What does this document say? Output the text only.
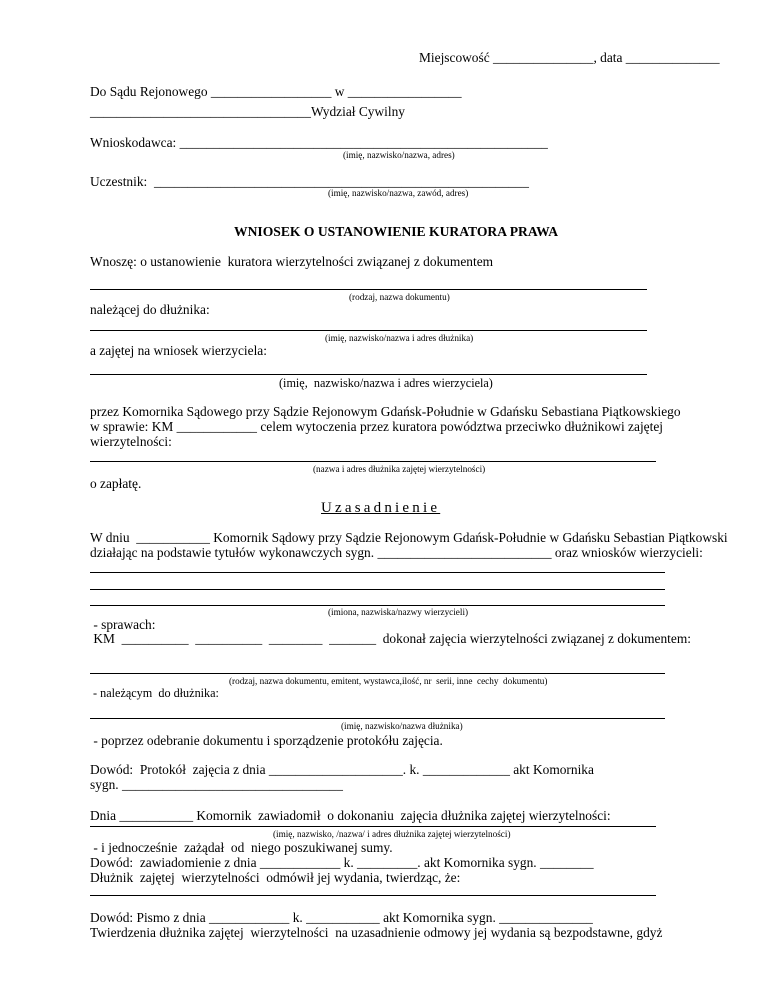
Miejscowość _______________, data ______________
Do Sądu Rejonowego __________________ w _________________
_________________________________Wydział Cywilny
Wnioskodawca: _______________________________________________________
(imię, nazwisko/nazwa, adres)
Uczestnik:  ________________________________________________________
(imię, nazwisko/nazwa, zawód, adres)
WNIOSEK O USTANOWIENIE KURATORA PRAWA
Wnoszę: o ustanowienie  kuratora wierzytelności związanej z dokumentem
(rodzaj, nazwa dokumentu)
należącej do dłużnika:
(imię, nazwisko/nazwa i adres dłużnika)
a zajętej na wniosek wierzyciela:
(imię,  nazwisko/nazwa i adres wierzyciela)
przez Komornika Sądowego przy Sądzie Rejonowym Gdańsk-Południe w Gdańsku Sebastiana Piątkowskiego
w sprawie: KM ____________ celem wytoczenia przez kuratora powództwa przeciwko dłużnikowi zajętej
wierzytelności:
(nazwa i adres dłużnika zajętej wierzytelności)
o zapłatę.
Uzasadnienie
W dniu  ___________ Komornik Sądowy przy Sądzie Rejonowym Gdańsk-Południe w Gdańsku Sebastian Piątkowski
działając na podstawie tytułów wykonawczych sygn. __________________________ oraz wniosków wierzycieli:
(imiona, nazwiska/nazwy wierzycieli)
- sprawach:
KM  __________  __________  ________  _______  dokonał zajęcia wierzytelności związanej z dokumentem:
(rodzaj, nazwa dokumentu, emitent, wystawca,ilość, nr  serii, inne  cechy  dokumentu)
- należącym  do dłużnika:
(imię, nazwisko/nazwa dłużnika)
- poprzez odebranie dokumentu i sporządzenie protokółu zajęcia.
Dowód:  Protokół  zajęcia z dnia ____________________. k. _____________ akt Komornika
sygn. _________________________________
Dnia ___________ Komornik  zawiadomił  o dokonaniu  zajęcia dłużnika zajętej wierzytelności:
(imię, nazwisko, /nazwa/ i adres dłużnika zajętej wierzytelności)
- i jednocześnie  zażądał  od  niego poszukiwanej sumy.
Dowód:  zawiadomienie z dnia ____________ k. _________. akt Komornika sygn. ________
Dłużnik  zajętej  wierzytelności  odmówił jej wydania, twierdząc, że:
Dowód: Pismo z dnia ____________ k. ___________ akt Komornika sygn. ______________
Twierdzenia dłużnika zajętej  wierzytelności  na uzasadnienie odmowy jej wydania są bezpodstawne, gdyż
